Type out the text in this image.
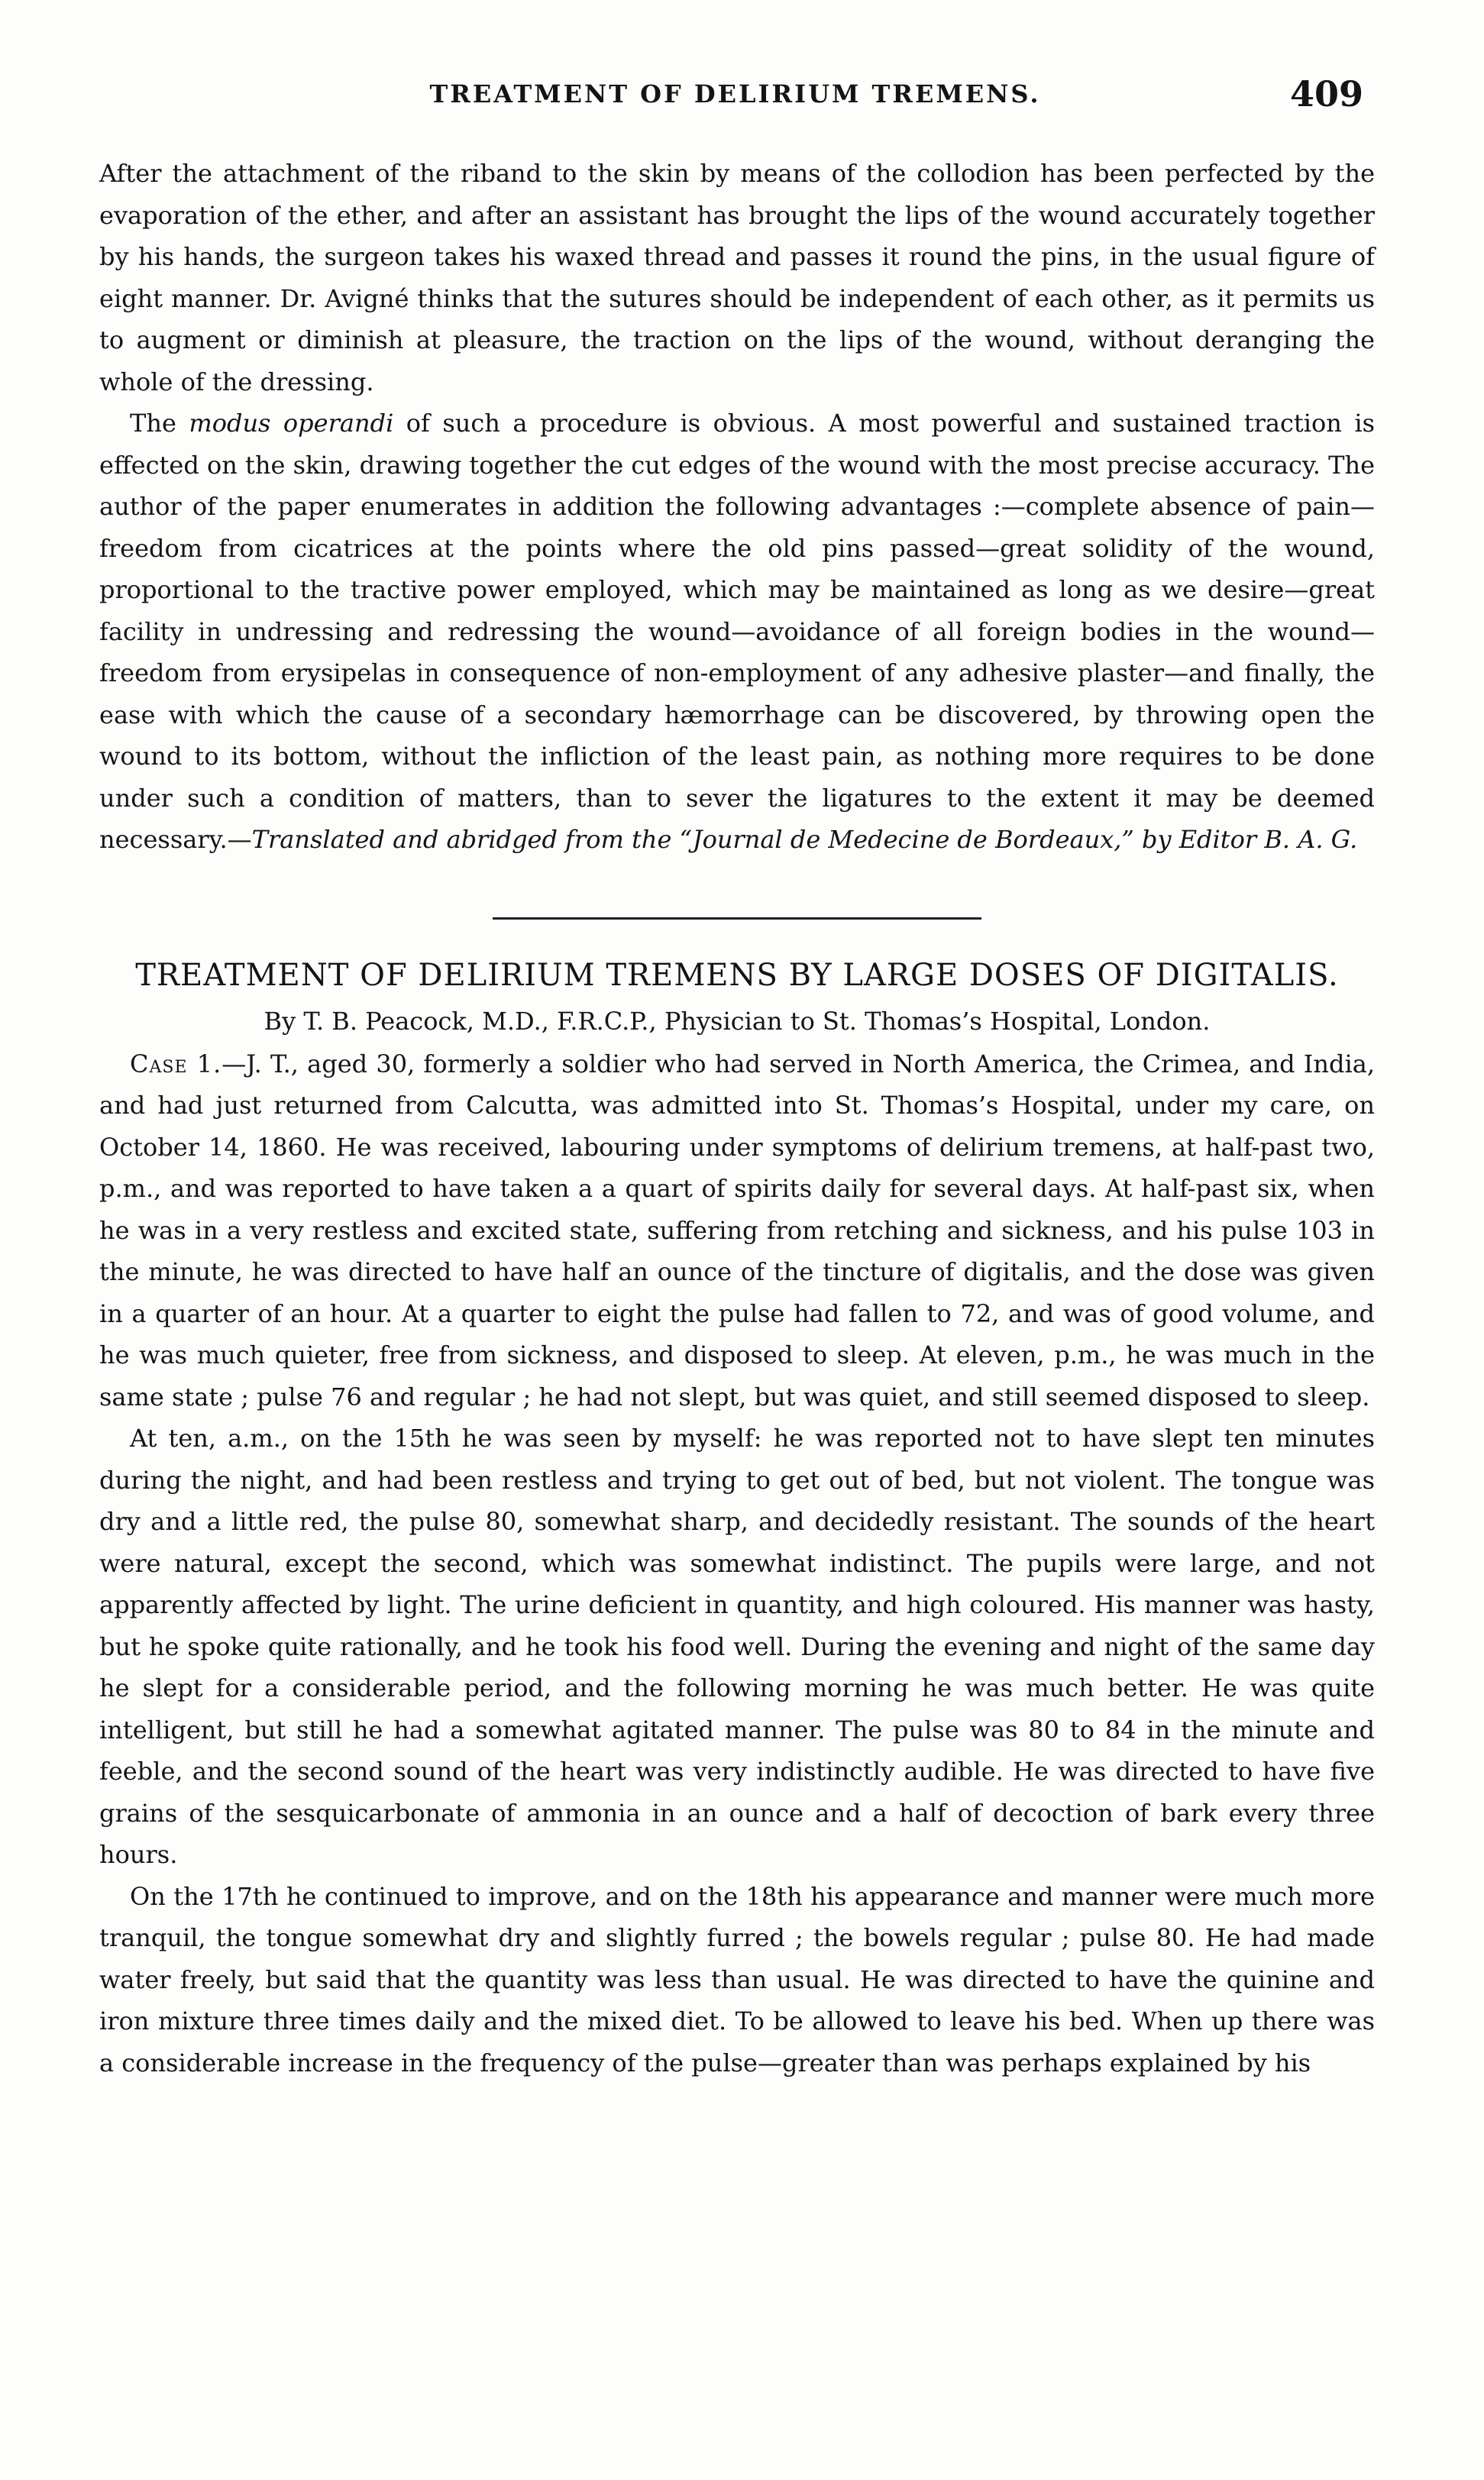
TREATMENT OF DELIRIUM TREMENS.	409

After the attachment of the riband to the skin by means of the collodion has been perfected by the evaporation of the ether, and after an assistant has brought the lips of the wound accurately together by his hands, the surgeon takes his waxed thread and passes it round the pins, in the usual figure of eight manner. Dr. Avigné thinks that the sutures should be independent of each other, as it permits us to augment or diminish at pleasure, the traction on the lips of the wound, without deranging the whole of the dressing.

The modus operandi of such a procedure is obvious. A most powerful and sustained traction is effected on the skin, drawing together the cut edges of the wound with the most precise accuracy. The author of the paper enumerates in addition the following advantages :—complete absence of pain—freedom from cicatrices at the points where the old pins passed—great solidity of the wound, proportional to the tractive power employed, which may be maintained as long as we desire—great facility in undressing and redressing the wound—avoidance of all foreign bodies in the wound—freedom from erysipelas in consequence of non-employment of any adhesive plaster—and finally, the ease with which the cause of a secondary hæmorrhage can be discovered, by throwing open the wound to its bottom, without the infliction of the least pain, as nothing more requires to be done under such a condition of matters, than to sever the ligatures to the extent it may be deemed necessary.—Translated and abridged from the “Journal de Medecine de Bordeaux,” by Editor B. A. G.

TREATMENT OF DELIRIUM TREMENS BY LARGE DOSES OF DIGITALIS.
By T. B. Peacock, M.D., F.R.C.P., Physician to St. Thomas’s Hospital, London.

Case 1.—J. T., aged 30, formerly a soldier who had served in North America, the Crimea, and India, and had just returned from Calcutta, was admitted into St. Thomas’s Hospital, under my care, on October 14, 1860. He was received, labouring under symptoms of delirium tremens, at half-past two, p.m., and was reported to have taken a a quart of spirits daily for several days. At half-past six, when he was in a very restless and excited state, suffering from retching and sickness, and his pulse 103 in the minute, he was directed to have half an ounce of the tincture of digitalis, and the dose was given in a quarter of an hour. At a quarter to eight the pulse had fallen to 72, and was of good volume, and he was much quieter, free from sickness, and disposed to sleep. At eleven, p.m., he was much in the same state ; pulse 76 and regular ; he had not slept, but was quiet, and still seemed disposed to sleep.

At ten, a.m., on the 15th he was seen by myself: he was reported not to have slept ten minutes during the night, and had been restless and trying to get out of bed, but not violent. The tongue was dry and a little red, the pulse 80, somewhat sharp, and decidedly resistant. The sounds of the heart were natural, except the second, which was somewhat indistinct. The pupils were large, and not apparently affected by light. The urine deficient in quantity, and high coloured. His manner was hasty, but he spoke quite rationally, and he took his food well. During the evening and night of the same day he slept for a considerable period, and the following morning he was much better. He was quite intelligent, but still he had a somewhat agitated manner. The pulse was 80 to 84 in the minute and feeble, and the second sound of the heart was very indistinctly audible. He was directed to have five grains of the sesquicarbonate of ammonia in an ounce and a half of decoction of bark every three hours.

On the 17th he continued to improve, and on the 18th his appearance and manner were much more tranquil, the tongue somewhat dry and slightly furred ; the bowels regular ; pulse 80. He had made water freely, but said that the quantity was less than usual. He was directed to have the quinine and iron mixture three times daily and the mixed diet. To be allowed to leave his bed. When up there was a considerable increase in the frequency of the pulse—greater than was perhaps explained by his
